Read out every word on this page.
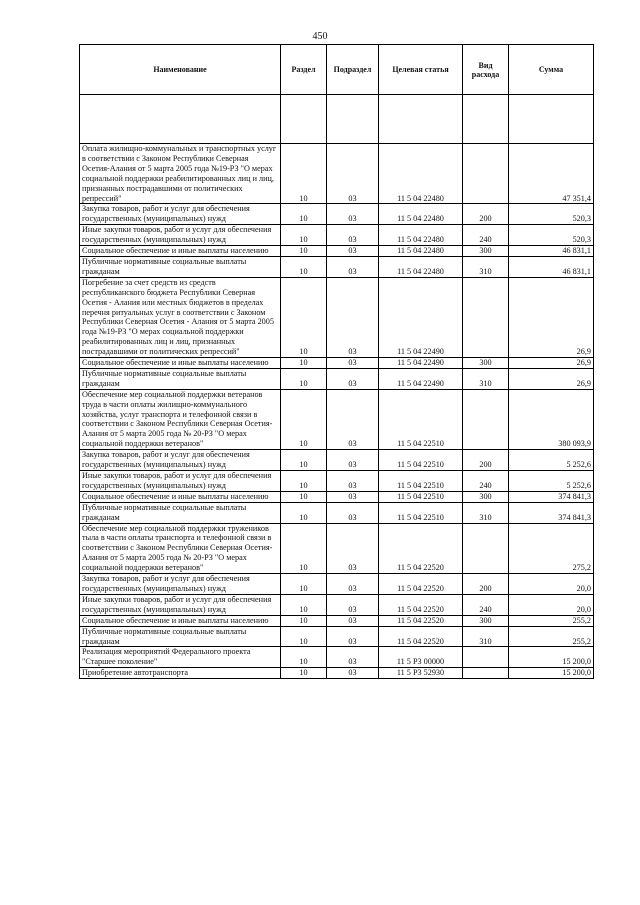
450
Наименование	Раздел	Подраздел	Целевая статья	Вид расхода	Сумма

Оплата жилищно-коммунальных и транспортных услуг в соответствии с Законом Республики Северная Осетия-Алания от 5 марта 2005 года №19-РЗ "О мерах социальной поддержки реабилитированных лиц и лиц, признанных пострадавшими от политических репрессий"	10	03	11 5 04 22480		47 351,4
Закупка товаров, работ и услуг для обеспечения государственных (муниципальных) нужд	10	03	11 5 04 22480	200	520,3
Иные закупки товаров, работ и услуг для обеспечения государственных (муниципальных) нужд	10	03	11 5 04 22480	240	520,3
Социальное обеспечение и иные выплаты населению	10	03	11 5 04 22480	300	46 831,1
Публичные нормативные социальные выплаты гражданам	10	03	11 5 04 22480	310	46 831,1
Погребение за счет средств из средств республиканского бюджета Республики Северная Осетия - Алания или местных бюджетов в пределах перечня ритуальных услуг в соответствии с Законом Республики Северная Осетия - Алания от 5 марта 2005 года №19-РЗ "О мерах социальной поддержки реабилитированных лиц и лиц, признанных пострадавшими от политических репрессий"	10	03	11 5 04 22490		26,9
Социальное обеспечение и иные выплаты населению	10	03	11 5 04 22490	300	26,9
Публичные нормативные социальные выплаты гражданам	10	03	11 5 04 22490	310	26,9
Обеспечение мер социальной поддержки ветеранов труда в части оплаты жилищно-коммунального хозяйства, услуг транспорта и телефонной связи в соответствии с Законом Республики Северная Осетия-Алания от 5 марта 2005 года № 20-РЗ "О мерах социальной поддержки ветеранов"	10	03	11 5 04 22510		380 093,9
Закупка товаров, работ и услуг для обеспечения государственных (муниципальных) нужд	10	03	11 5 04 22510	200	5 252,6
Иные закупки товаров, работ и услуг для обеспечения государственных (муниципальных) нужд	10	03	11 5 04 22510	240	5 252,6
Социальное обеспечение и иные выплаты населению	10	03	11 5 04 22510	300	374 841,3
Публичные нормативные социальные выплаты гражданам	10	03	11 5 04 22510	310	374 841,3
Обеспечение мер социальной поддержки тружеников тыла в части оплаты транспорта и телефонной связи в соответствии с Законом Республики Северная Осетия-Алания от 5 марта 2005 года № 20-РЗ "О мерах социальной поддержки ветеранов"	10	03	11 5 04 22520		275,2
Закупка товаров, работ и услуг для обеспечения государственных (муниципальных) нужд	10	03	11 5 04 22520	200	20,0
Иные закупки товаров, работ и услуг для обеспечения государственных (муниципальных) нужд	10	03	11 5 04 22520	240	20,0
Социальное обеспечение и иные выплаты населению	10	03	11 5 04 22520	300	255,2
Публичные нормативные социальные выплаты гражданам	10	03	11 5 04 22520	310	255,2
Реализация мероприятий Федерального проекта "Старшее поколение"	10	03	11 5 P3 00000		15 200,0
Приобретение автотранспорта	10	03	11 5 P3 52930		15 200,0
